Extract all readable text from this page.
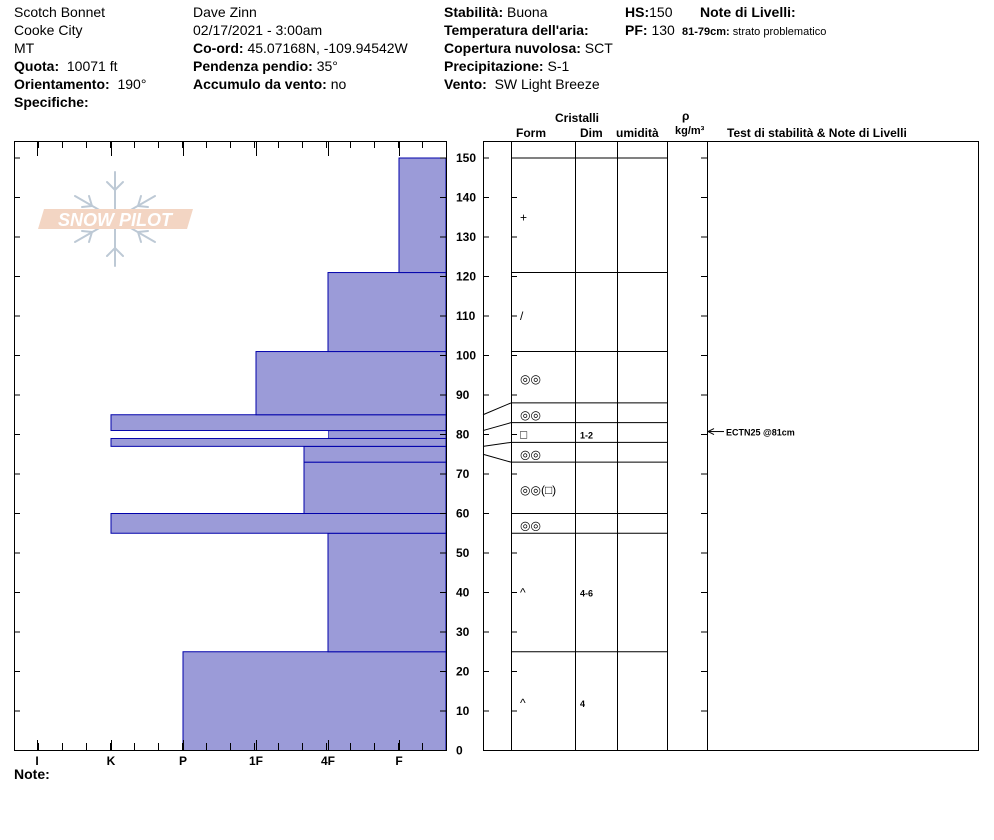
Scotch Bonnet
Cooke City
MT
Quota: 10071 ft
Orientamento: 190°
Specifiche:
Dave Zinn
02/17/2021 - 3:00am
Co-ord: 45.07168N, -109.94542W
Pendenza pendio: 35°
Accumulo da vento: no
Stabilità: Buona
Temperatura dell'aria:
Copertura nuvolosa: SCT
Precipitazione: S-1
Vento: SW Light Breeze
HS:150
PF: 130
Note di Livelli:
81-79cm: strato problematico
Cristalli
Form	Dim umidità
ρ
kg/m³ Test di stabilità & Note di Livelli
Note:
SNOW PILOT
I	K	P	1F	4F	F
0
10
20
30
40
50
60
70
80
90
100
110
120
130
140
150
+
/
◎◎
◎◎
□	1-2
◎◎
◎◎(□)
◎◎
^	4-6
^	4
ECTN25 @81cm
